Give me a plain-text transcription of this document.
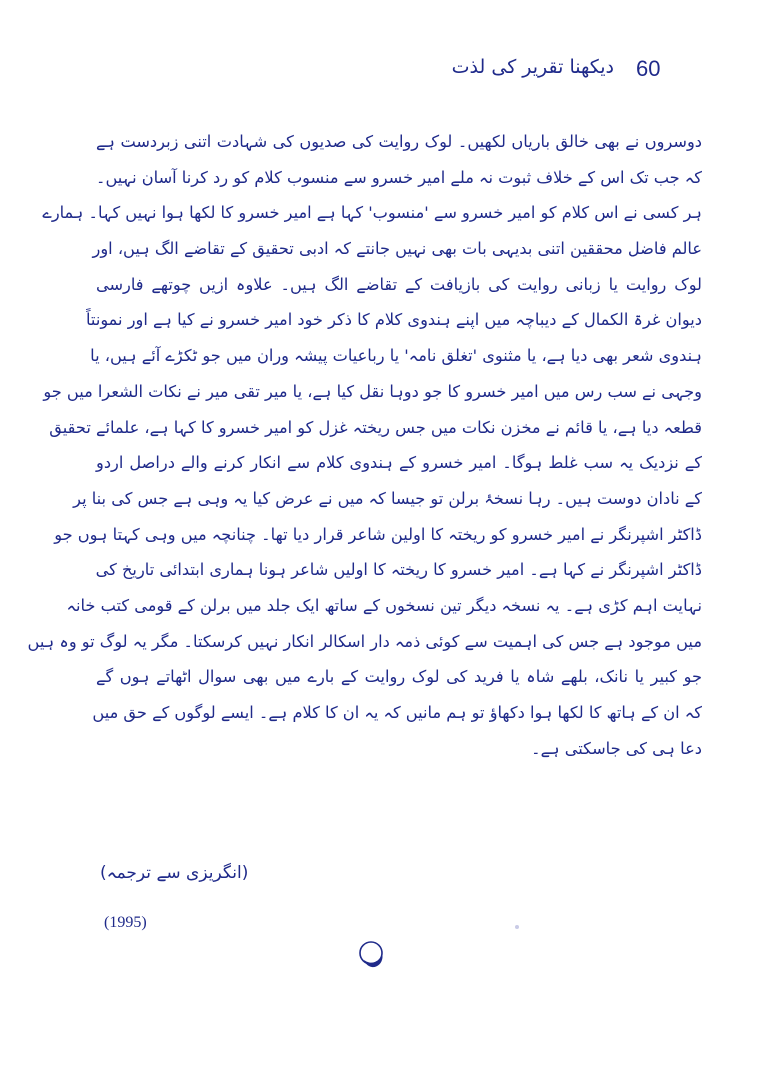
60
دیکھنا تقریر کی لذت
دوسروں نے بھی خالق باریاں لکھیں۔ لوک روایت کی صدیوں کی شہادت اتنی زبردست ہے
کہ جب تک اس کے خلاف ثبوت نہ ملے امیر خسرو سے منسوب کلام کو رد کرنا آسان نہیں۔
ہر کسی نے اس کلام کو امیر خسرو سے 'منسوب' کہا ہے امیر خسرو کا لکھا ہوا نہیں کہا۔ ہمارے
عالم فاضل محققین اتنی بدیہی بات بھی نہیں جانتے کہ ادبی تحقیق کے تقاضے الگ ہیں، اور
لوک روایت یا زبانی روایت کی بازیافت کے تقاضے الگ ہیں۔ علاوہ ازیں چوتھے فارسی
دیوان غرۃ الکمال کے دیباچہ میں اپنے ہندوی کلام کا ذکر خود امیر خسرو نے کیا ہے اور نمونتاً
ہندوی شعر بھی دیا ہے، یا مثنوی 'تغلق نامہ' یا رباعیات پیشہ وران میں جو ٹکڑے آئے ہیں، یا
وجہی نے سب رس میں امیر خسرو کا جو دوہا نقل کیا ہے، یا میر تقی میر نے نکات الشعرا میں جو
قطعہ دیا ہے، یا قائم نے مخزن نکات میں جس ریختہ غزل کو امیر خسرو کا کہا ہے، علمائے تحقیق
کے نزدیک یہ سب غلط ہوگا۔ امیر خسرو کے ہندوی کلام سے انکار کرنے والے دراصل اردو
کے نادان دوست ہیں۔ رہا نسخۂ برلن تو جیسا کہ میں نے عرض کیا یہ وہی ہے جس کی بنا پر
ڈاکٹر اشپرنگر نے امیر خسرو کو ریختہ کا اولین شاعر قرار دیا تھا۔ چنانچہ میں وہی کہتا ہوں جو
ڈاکٹر اشپرنگر نے کہا ہے۔ امیر خسرو کا ریختہ کا اولیں شاعر ہونا ہماری ابتدائی تاریخ کی
نہایت اہم کڑی ہے۔ یہ نسخہ دیگر تین نسخوں کے ساتھ ایک جلد میں برلن کے قومی کتب خانہ
میں موجود ہے جس کی اہمیت سے کوئی ذمہ دار اسکالر انکار نہیں کرسکتا۔ مگر یہ لوگ تو وہ ہیں
جو کبیر یا نانک، بلھے شاہ یا فرید کی لوک روایت کے بارے میں بھی سوال اٹھاتے ہوں گے
کہ ان کے ہاتھ کا لکھا ہوا دکھاؤ تو ہم مانیں کہ یہ ان کا کلام ہے۔ ایسے لوگوں کے حق میں
دعا ہی کی جاسکتی ہے۔
(انگریزی سے ترجمہ)
(1995)
